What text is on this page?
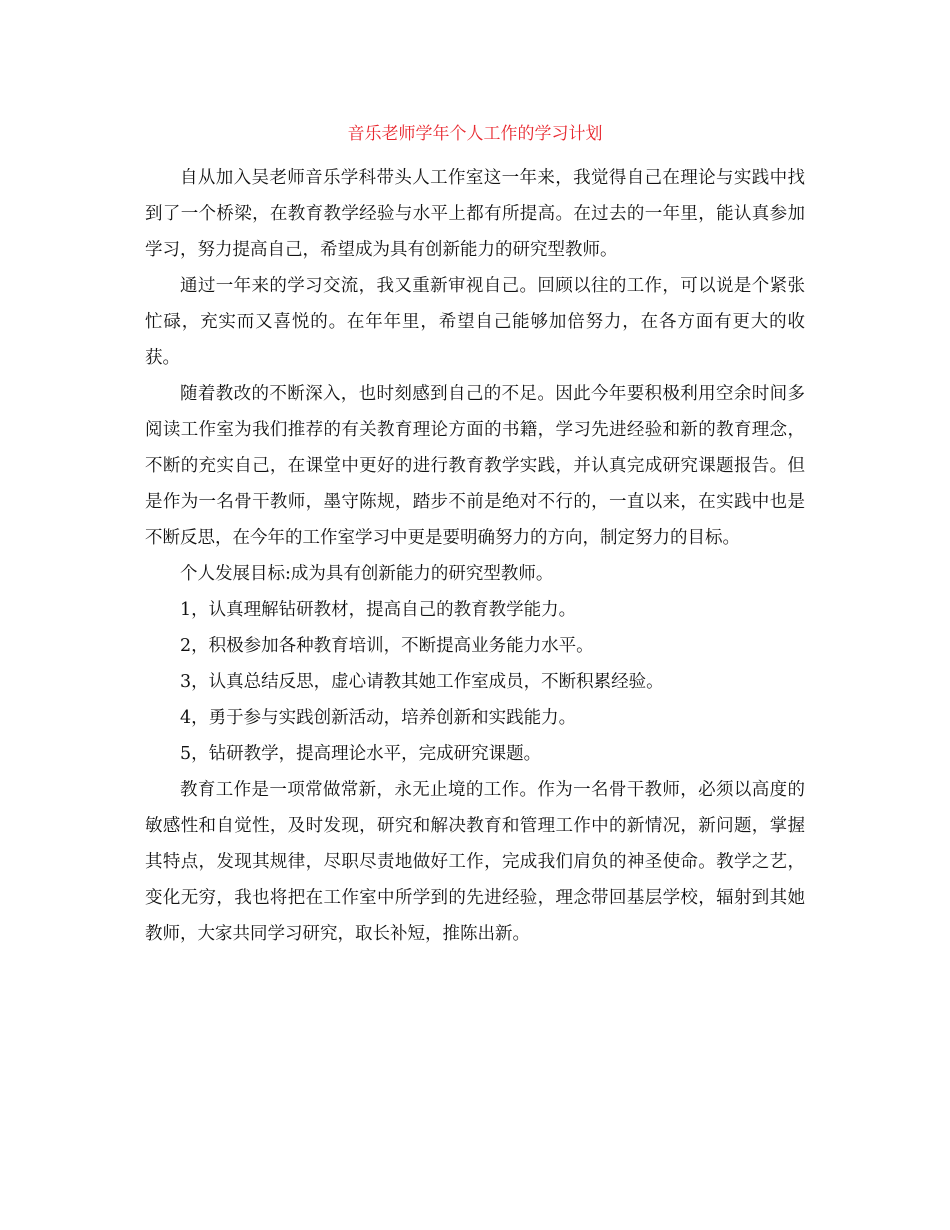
音乐老师学年个人工作的学习计划

自从加入吴老师音乐学科带头人工作室这一年来，我觉得自己在理论与实践中找到了一个桥梁，在教育教学经验与水平上都有所提高。在过去的一年里，能认真参加学习，努力提高自己，希望成为具有创新能力的研究型教师。

通过一年来的学习交流，我又重新审视自己。回顾以往的工作，可以说是个紧张忙碌，充实而又喜悦的。在年年里，希望自己能够加倍努力，在各方面有更大的收获。

随着教改的不断深入，也时刻感到自己的不足。因此今年要积极利用空余时间多阅读工作室为我们推荐的有关教育理论方面的书籍，学习先进经验和新的教育理念，不断的充实自己，在课堂中更好的进行教育教学实践，并认真完成研究课题报告。但是作为一名骨干教师，墨守陈规，踏步不前是绝对不行的，一直以来，在实践中也是不断反思，在今年的工作室学习中更是要明确努力的方向，制定努力的目标。

个人发展目标:成为具有创新能力的研究型教师。

1，认真理解钻研教材，提高自己的教育教学能力。

2，积极参加各种教育培训，不断提高业务能力水平。

3，认真总结反思，虚心请教其她工作室成员，不断积累经验。

4，勇于参与实践创新活动，培养创新和实践能力。

5，钻研教学，提高理论水平，完成研究课题。

教育工作是一项常做常新，永无止境的工作。作为一名骨干教师，必须以高度的敏感性和自觉性，及时发现，研究和解决教育和管理工作中的新情况，新问题，掌握其特点，发现其规律，尽职尽责地做好工作，完成我们肩负的神圣使命。教学之艺，变化无穷，我也将把在工作室中所学到的先进经验，理念带回基层学校，辐射到其她教师，大家共同学习研究，取长补短，推陈出新。
